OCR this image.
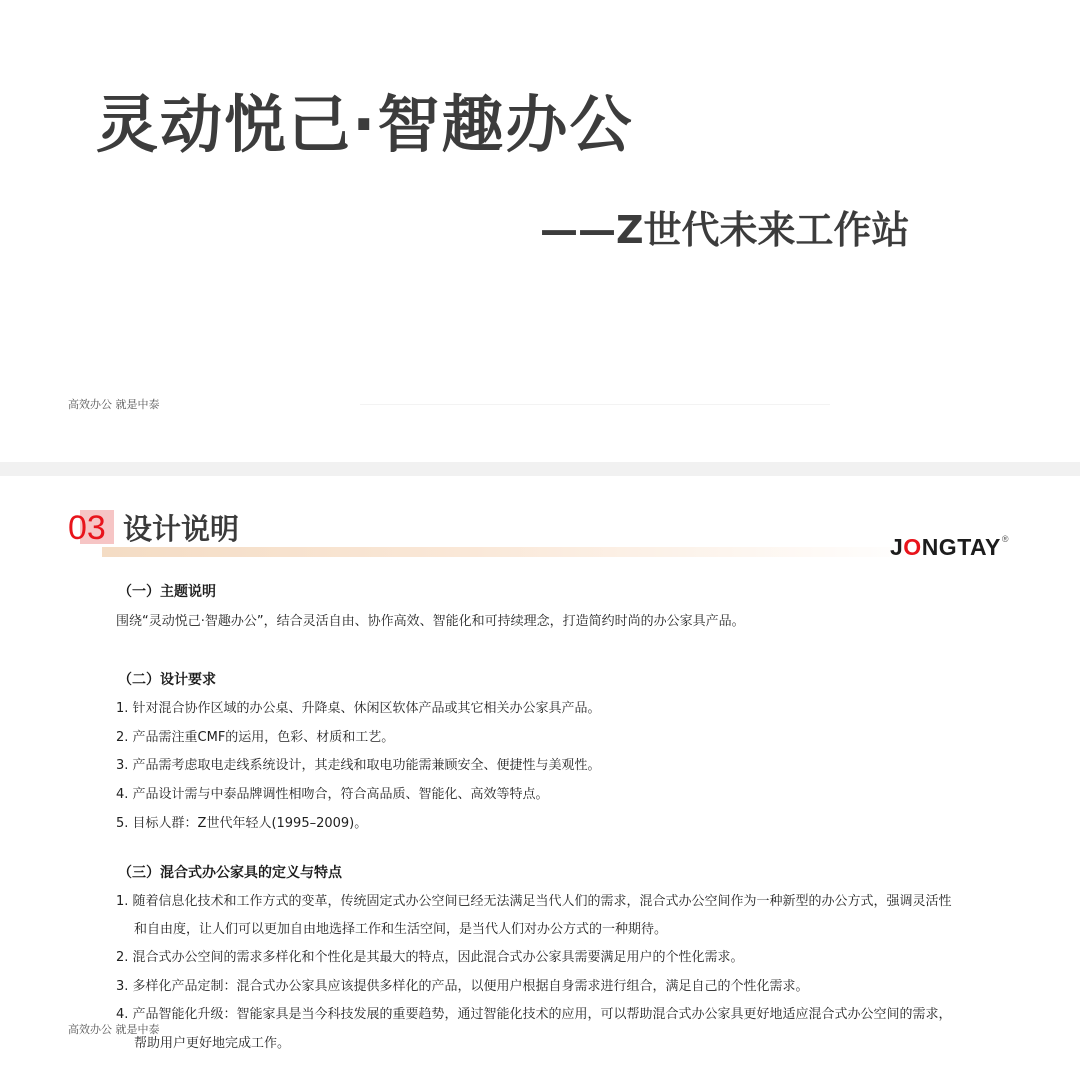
灵动悦己·智趣办公
——Z世代未来工作站
高效办公 就是中泰
03 设计说明
JONGTAY®
（一）主题说明
围绕“灵动悦己·智趣办公”，结合灵活自由、协作高效、智能化和可持续理念，打造简约时尚的办公家具产品。
（二）设计要求
1. 针对混合协作区域的办公桌、升降桌、休闲区软体产品或其它相关办公家具产品。
2. 产品需注重CMF的运用，色彩、材质和工艺。
3. 产品需考虑取电走线系统设计，其走线和取电功能需兼顾安全、便捷性与美观性。
4. 产品设计需与中泰品牌调性相吻合，符合高品质、智能化、高效等特点。
5. 目标人群：Z世代年轻人(1995–2009)。
（三）混合式办公家具的定义与特点
1. 随着信息化技术和工作方式的变革，传统固定式办公空间已经无法满足当代人们的需求，混合式办公空间作为一种新型的办公方式，强调灵活性
和自由度，让人们可以更加自由地选择工作和生活空间，是当代人们对办公方式的一种期待。
2. 混合式办公空间的需求多样化和个性化是其最大的特点，因此混合式办公家具需要满足用户的个性化需求。
3. 多样化产品定制：混合式办公家具应该提供多样化的产品，以便用户根据自身需求进行组合，满足自己的个性化需求。
4. 产品智能化升级：智能家具是当今科技发展的重要趋势，通过智能化技术的应用，可以帮助混合式办公家具更好地适应混合式办公空间的需求，
帮助用户更好地完成工作。
高效办公 就是中泰
